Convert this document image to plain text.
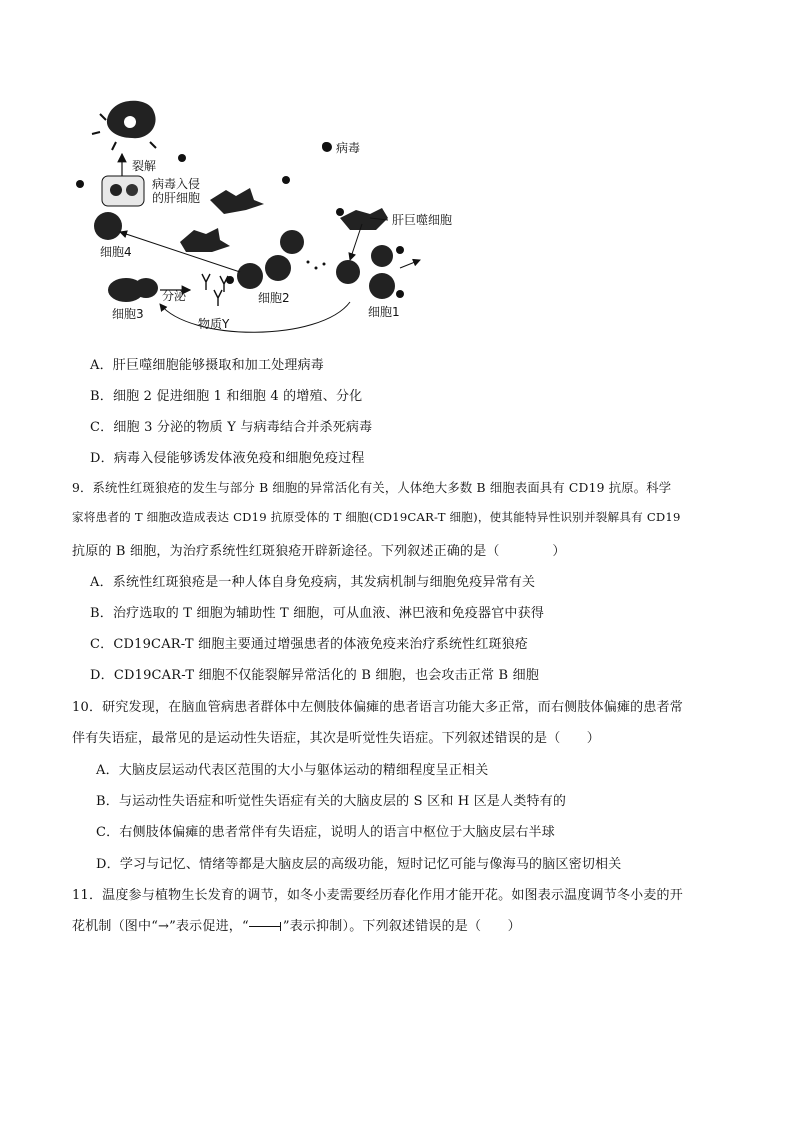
裂解
病毒入侵
的肝细胞
病毒
肝巨噬细胞
细胞4
细胞2
细胞1
细胞3
分泌
物质Y
A．肝巨噬细胞能够摄取和加工处理病毒
B．细胞 2 促进细胞 1 和细胞 4 的增殖、分化
C．细胞 3 分泌的物质 Y 与病毒结合并杀死病毒
D．病毒入侵能够诱发体液免疫和细胞免疫过程
9．系统性红斑狼疮的发生与部分 B 细胞的异常活化有关，人体绝大多数 B 细胞表面具有 CD19 抗原。科学
家将患者的 T 细胞改造成表达 CD19 抗原受体的 T 细胞(CD19CAR-T 细胞)，使其能特异性识别并裂解具有 CD19
抗原的 B 细胞，为治疗系统性红斑狼疮开辟新途径。下列叙述正确的是（　　　　）
A．系统性红斑狼疮是一种人体自身免疫病，其发病机制与细胞免疫异常有关
B．治疗选取的 T 细胞为辅助性 T 细胞，可从血液、淋巴液和免疫器官中获得
C．CD19CAR-T 细胞主要通过增强患者的体液免疫来治疗系统性红斑狼疮
D．CD19CAR-T 细胞不仅能裂解异常活化的 B 细胞，也会攻击正常 B 细胞
10．研究发现，在脑血管病患者群体中左侧肢体偏瘫的患者语言功能大多正常，而右侧肢体偏瘫的患者常
伴有失语症，最常见的是运动性失语症，其次是听觉性失语症。下列叙述错误的是（　　）
A．大脑皮层运动代表区范围的大小与躯体运动的精细程度呈正相关
B．与运动性失语症和听觉性失语症有关的大脑皮层的 S 区和 H 区是人类特有的
C．右侧肢体偏瘫的患者常伴有失语症，说明人的语言中枢位于大脑皮层右半球
D．学习与记忆、情绪等都是大脑皮层的高级功能，短时记忆可能与像海马的脑区密切相关
11．温度参与植物生长发育的调节，如冬小麦需要经历春化作用才能开花。如图表示温度调节冬小麦的开
花机制（图中“→”表示促进，“	”表示抑制）。下列叙述错误的是（　　）
